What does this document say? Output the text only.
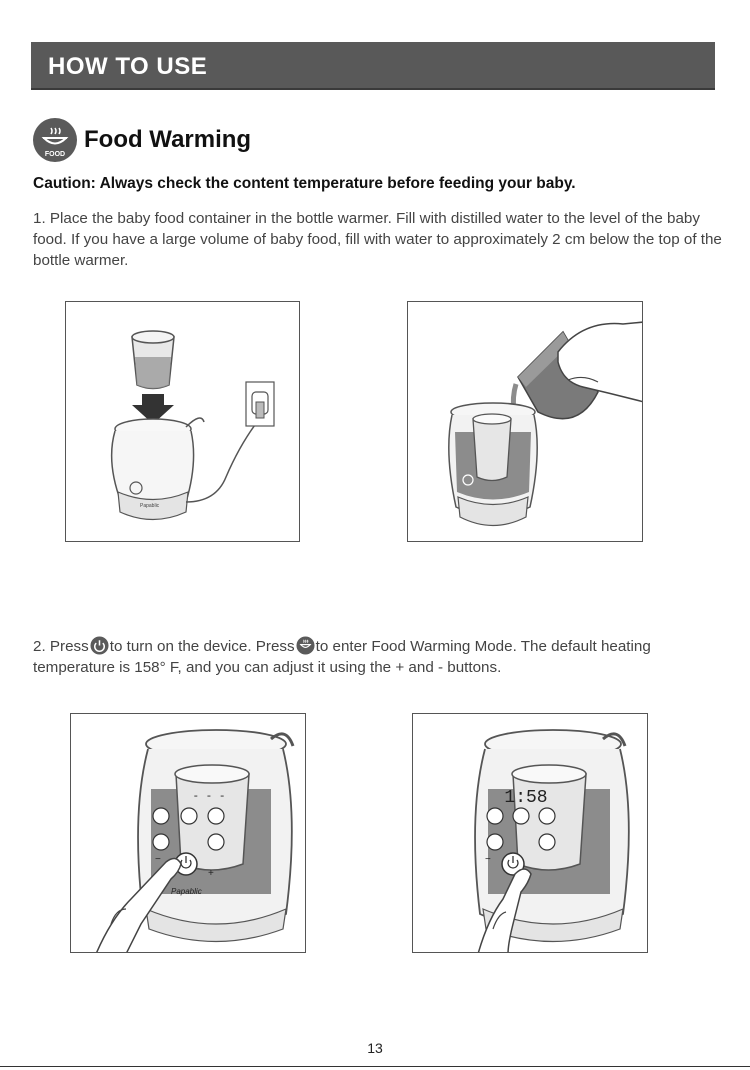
HOW TO USE
FOOD
Food Warming
Caution: Always check the content temperature before feeding your baby.

1. Place the baby food container in the bottle warmer. Fill with distilled water to the level of the baby food. If you have a large volume of baby food, fill with water to approximately 2 cm below the top of the bottle warmer.

Papablic

2. Press to turn on the device. Press to enter Food Warming Mode. The default heating temperature is 158° F, and you can adjust it using the + and - buttons.

- - -
−
+
Papablic
1:58
−
13
